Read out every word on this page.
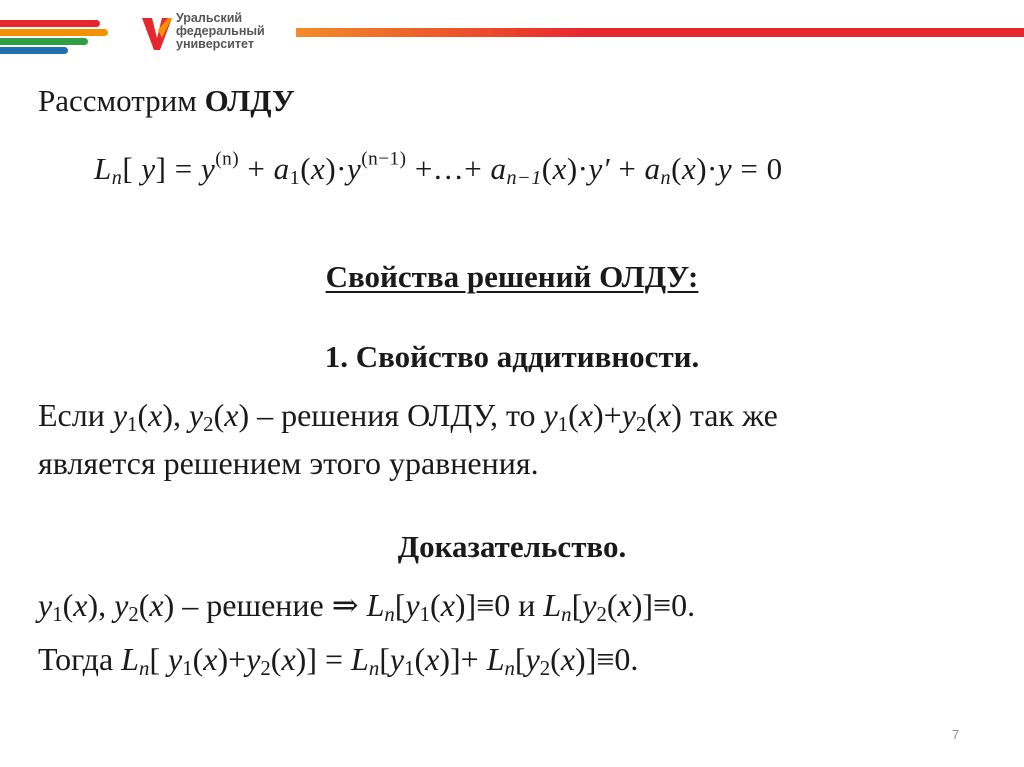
Уральский
федеральный
университет
Рассмотрим ОЛДУ
$L_n$[ $y] = y^{(n)} + a_1(x)\cdot y^{(n-1)}$ +…+ $a_{n-1}(x)\cdot y' + a_n(x)\cdot y = 0$
Свойства решений ОЛДУ:
1. Свойство аддитивности.
Если $y_1(x)$, $y_2(x)$ – решения ОЛДУ, то $y_1(x)+y_2(x)$ так же
является решением этого уравнения.
Доказательство.
$y_1(x)$, $y_2(x)$ – решение ⇒ $L_n[y_1(x)]\equiv 0$ и $L_n[y_2(x)]\equiv 0$.
Тогда $L_n$[ $y_1(x)+y_2(x)] = L_n[y_1(x)]+ L_n[y_2(x)]\equiv 0$.
7
